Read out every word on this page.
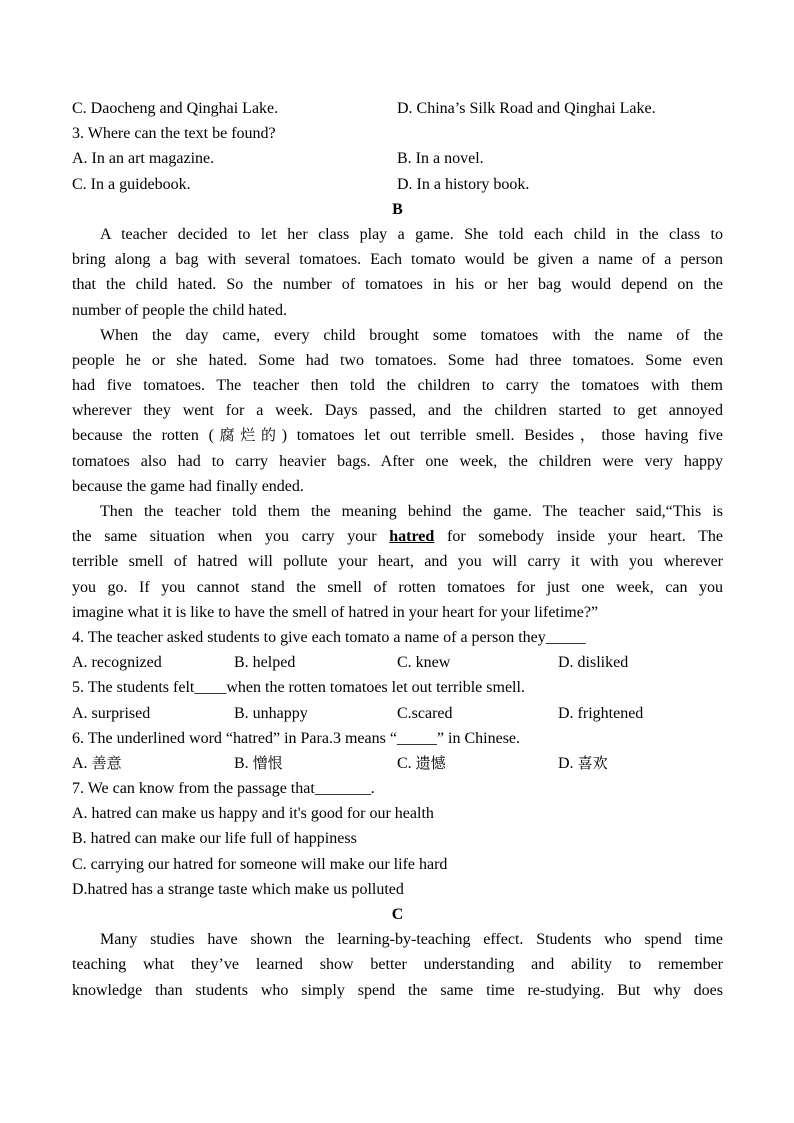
C. Daocheng and Qinghai Lake.	D. China’s Silk Road and Qinghai Lake.
3. Where can the text be found?
A. In an art magazine.	B. In a novel.
C. In a guidebook.	D. In a history book.
B
A teacher decided to let her class play a game. She told each child in the class to
bring along a bag with several tomatoes. Each tomato would be given a name of a person
that the child hated. So the number of tomatoes in his or her bag would depend on the
number of people the child hated.
When the day came, every child brought some tomatoes with the name of the
people he or she hated. Some had two tomatoes. Some had three tomatoes. Some even
had five tomatoes. The teacher then told the children to carry the tomatoes with them
wherever they went for a week. Days passed, and the children started to get annoyed
because the rotten (腐烂的) tomatoes let out terrible smell. Besides，those having five
tomatoes also had to carry heavier bags. After one week, the children were very happy
because the game had finally ended.
Then the teacher told them the meaning behind the game. The teacher said,“This is
the same situation when you carry your hatred for somebody inside your heart. The
terrible smell of hatred will pollute your heart, and you will carry it with you wherever
you go. If you cannot stand the smell of rotten tomatoes for just one week, can you
imagine what it is like to have the smell of hatred in your heart for your lifetime?”
4. The teacher asked students to give each tomato a name of a person they_____
A. recognized	B. helped	C. knew	D. disliked
5. The students felt____when the rotten tomatoes let out terrible smell.
A. surprised	B. unhappy	C.scared	D. frightened
6. The underlined word “hatred” in Para.3 means “_____” in Chinese.
A. 善意	B. 憎恨	C. 遗憾	D. 喜欢
7. We can know from the passage that_______.
A. hatred can make us happy and it's good for our health
B. hatred can make our life full of happiness
C. carrying our hatred for someone will make our life hard
D.hatred has a strange taste which make us polluted
C
Many studies have shown the learning-by-teaching effect. Students who spend time
teaching what they’ve learned show better understanding and ability to remember
knowledge than students who simply spend the same time re-studying. But why does
